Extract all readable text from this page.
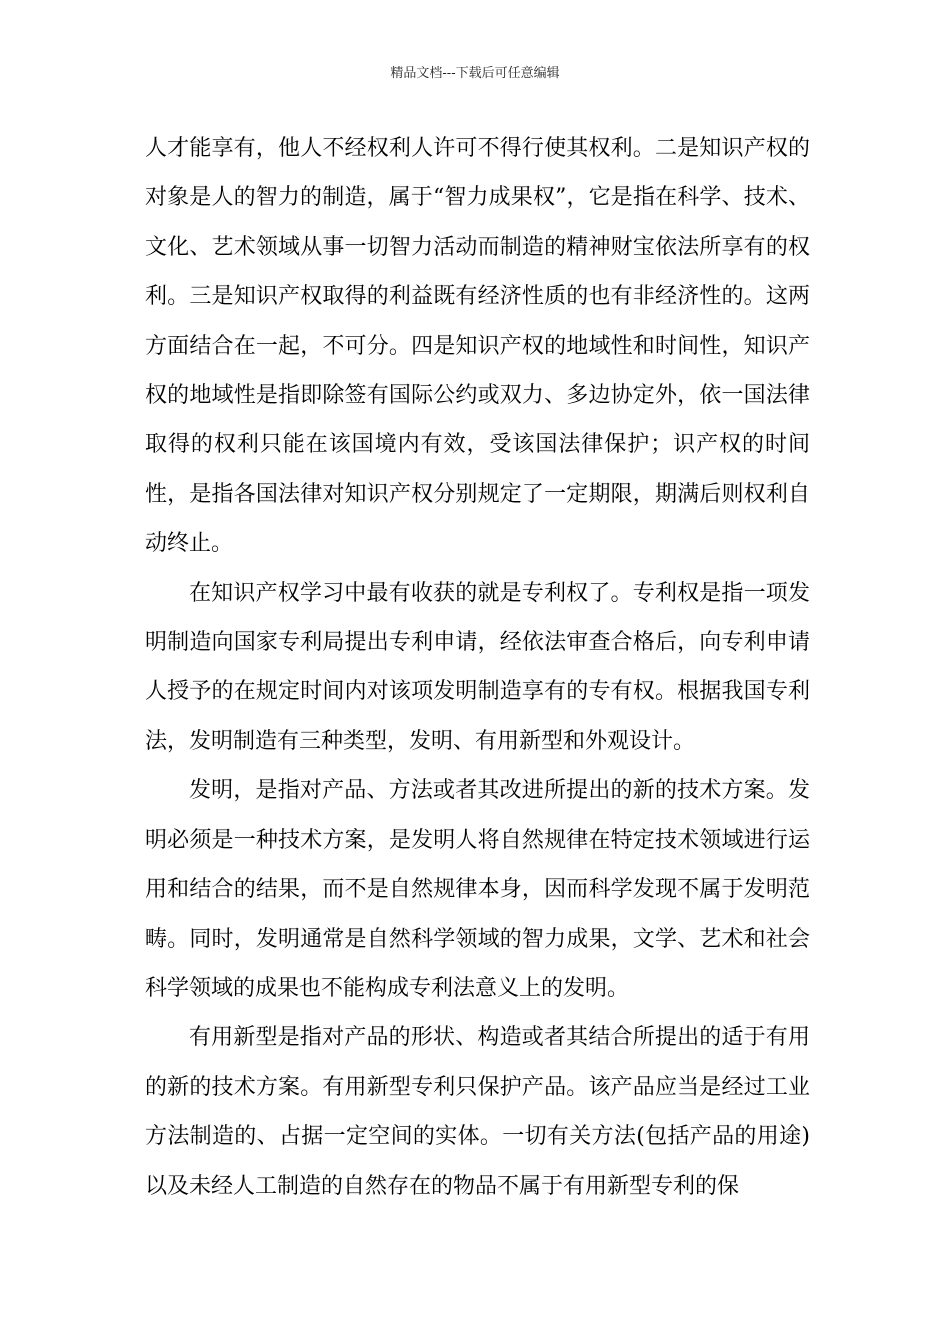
精品文档---下载后可任意编辑

人才能享有，他人不经权利人许可不得行使其权利。二是知识产权的对象是人的智力的制造，属于“智力成果权”，它是指在科学、技术、文化、艺术领域从事一切智力活动而制造的精神财宝依法所享有的权利。三是知识产权取得的利益既有经济性质的也有非经济性的。这两方面结合在一起，不可分。四是知识产权的地域性和时间性，知识产权的地域性是指即除签有国际公约或双力、多边协定外，依一国法律取得的权利只能在该国境内有效，受该国法律保护；识产权的时间性，是指各国法律对知识产权分别规定了一定期限，期满后则权利自动终止。

在知识产权学习中最有收获的就是专利权了。专利权是指一项发明制造向国家专利局提出专利申请，经依法审查合格后，向专利申请人授予的在规定时间内对该项发明制造享有的专有权。根据我国专利法，发明制造有三种类型，发明、有用新型和外观设计。

发明，是指对产品、方法或者其改进所提出的新的技术方案。发明必须是一种技术方案，是发明人将自然规律在特定技术领域进行运用和结合的结果，而不是自然规律本身，因而科学发现不属于发明范畴。同时，发明通常是自然科学领域的智力成果，文学、艺术和社会科学领域的成果也不能构成专利法意义上的发明。

有用新型是指对产品的形状、构造或者其结合所提出的适于有用的新的技术方案。有用新型专利只保护产品。该产品应当是经过工业方法制造的、占据一定空间的实体。一切有关方法(包括产品的用途)以及未经人工制造的自然存在的物品不属于有用新型专利的保
